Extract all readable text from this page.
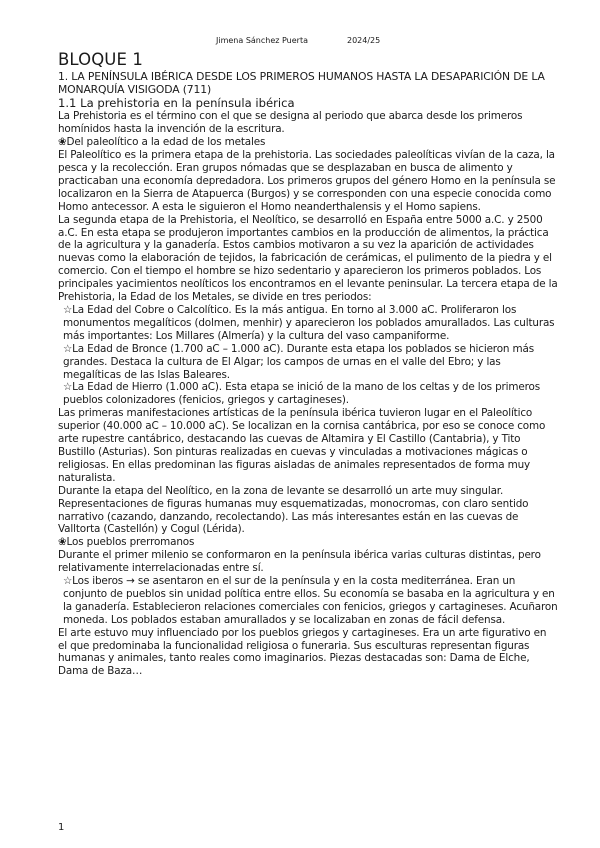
Jimena Sánchez Puerta	2024/25
BLOQUE 1

1. LA PENÍNSULA IBÉRICA DESDE LOS PRIMEROS HUMANOS HASTA LA DESAPARICIÓN DE LA MONARQUÍA VISIGODA (711)

1.1 La prehistoria en la península ibérica

La Prehistoria es el término con el que se designa al periodo que abarca desde los primeros homínidos hasta la invención de la escritura.

❀Del paleolítico a la edad de los metales

El Paleolítico es la primera etapa de la prehistoria. Las sociedades paleolíticas vivían de la caza, la pesca y la recolección. Eran grupos nómadas que se desplazaban en busca de alimento y practicaban una economía depredadora. Los primeros grupos del género Homo en la península se localizaron en la Sierra de Atapuerca (Burgos) y se corresponden con una especie conocida como Homo antecessor. A esta le siguieron el Homo neanderthalensis y el Homo sapiens.

La segunda etapa de la Prehistoria, el Neolítico, se desarrolló en España entre 5000 a.C. y 2500 a.C. En esta etapa se produjeron importantes cambios en la producción de alimentos, la práctica de la agricultura y la ganadería. Estos cambios motivaron a su vez la aparición de actividades nuevas como la elaboración de tejidos, la fabricación de cerámicas, el pulimento de la piedra y el comercio. Con el tiempo el hombre se hizo sedentario y aparecieron los primeros poblados. Los principales yacimientos neolíticos los encontramos en el levante peninsular. La tercera etapa de la Prehistoria, la Edad de los Metales, se divide en tres periodos:

☆La Edad del Cobre o Calcolítico. Es la más antigua. En torno al 3.000 aC. Proliferaron los monumentos megalíticos (dolmen, menhir) y aparecieron los poblados amurallados. Las culturas más importantes: Los Millares (Almería) y la cultura del vaso campaniforme.

☆La Edad de Bronce (1.700 aC – 1.000 aC). Durante esta etapa los poblados se hicieron más grandes. Destaca la cultura de El Algar; los campos de urnas en el valle del Ebro; y las megalíticas de las Islas Baleares.

☆La Edad de Hierro (1.000 aC). Esta etapa se inició de la mano de los celtas y de los primeros pueblos colonizadores (fenicios, griegos y cartagineses).

Las primeras manifestaciones artísticas de la península ibérica tuvieron lugar en el Paleolítico superior (40.000 aC – 10.000 aC). Se localizan en la cornisa cantábrica, por eso se conoce como arte rupestre cantábrico, destacando las cuevas de Altamira y El Castillo (Cantabria), y Tito Bustillo (Asturias). Son pinturas realizadas en cuevas y vinculadas a motivaciones mágicas o religiosas. En ellas predominan las figuras aisladas de animales representados de forma muy naturalista.

Durante la etapa del Neolítico, en la zona de levante se desarrolló un arte muy singular. Representaciones de figuras humanas muy esquematizadas, monocromas, con claro sentido narrativo (cazando, danzando, recolectando). Las más interesantes están en las cuevas de Valltorta (Castellón) y Cogul (Lérida).

❀Los pueblos prerromanos

Durante el primer milenio se conformaron en la península ibérica varias culturas distintas, pero relativamente interrelacionadas entre sí.

☆Los iberos → se asentaron en el sur de la península y en la costa mediterránea. Eran un conjunto de pueblos sin unidad política entre ellos. Su economía se basaba en la agricultura y en la ganadería. Establecieron relaciones comerciales con fenicios, griegos y cartagineses. Acuñaron moneda. Los poblados estaban amurallados y se localizaban en zonas de fácil defensa.

El arte estuvo muy influenciado por los pueblos griegos y cartagineses. Era un arte figurativo en el que predominaba la funcionalidad religiosa o funeraria. Sus esculturas representan figuras humanas y animales, tanto reales como imaginarios. Piezas destacadas son: Dama de Elche, Dama de Baza…

1
